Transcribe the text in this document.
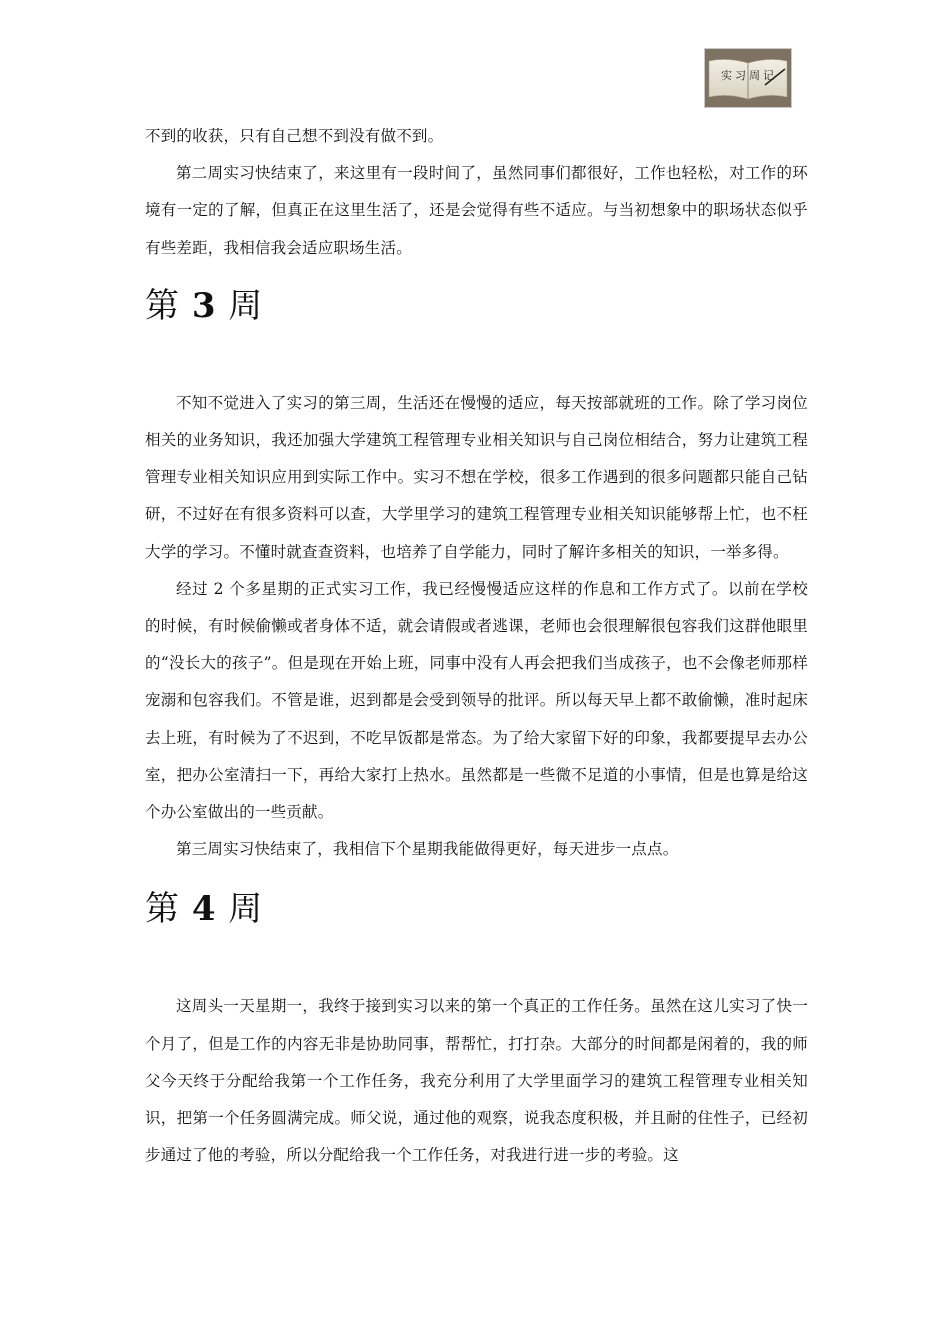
实习周记

不到的收获，只有自己想不到没有做不到。

第二周实习快结束了，来这里有一段时间了，虽然同事们都很好，工作也轻松，对工作的环境有一定的了解，但真正在这里生活了，还是会觉得有些不适应。与当初想象中的职场状态似乎有些差距，我相信我会适应职场生活。

第 3 周

不知不觉进入了实习的第三周，生活还在慢慢的适应，每天按部就班的工作。除了学习岗位相关的业务知识，我还加强大学建筑工程管理专业相关知识与自己岗位相结合，努力让建筑工程管理专业相关知识应用到实际工作中。实习不想在学校，很多工作遇到的很多问题都只能自己钻研，不过好在有很多资料可以查，大学里学习的建筑工程管理专业相关知识能够帮上忙，也不枉大学的学习。不懂时就查查资料，也培养了自学能力，同时了解许多相关的知识，一举多得。

经过 2 个多星期的正式实习工作，我已经慢慢适应这样的作息和工作方式了。以前在学校的时候，有时候偷懒或者身体不适，就会请假或者逃课，老师也会很理解很包容我们这群他眼里的“没长大的孩子”。但是现在开始上班，同事中没有人再会把我们当成孩子，也不会像老师那样宠溺和包容我们。不管是谁，迟到都是会受到领导的批评。所以每天早上都不敢偷懒，准时起床去上班，有时候为了不迟到，不吃早饭都是常态。为了给大家留下好的印象，我都要提早去办公室，把办公室清扫一下，再给大家打上热水。虽然都是一些微不足道的小事情，但是也算是给这个办公室做出的一些贡献。

第三周实习快结束了，我相信下个星期我能做得更好，每天进步一点点。

第 4 周

这周头一天星期一，我终于接到实习以来的第一个真正的工作任务。虽然在这儿实习了快一个月了，但是工作的内容无非是协助同事，帮帮忙，打打杂。大部分的时间都是闲着的，我的师父今天终于分配给我第一个工作任务，我充分利用了大学里面学习的建筑工程管理专业相关知识，把第一个任务圆满完成。师父说，通过他的观察，说我态度积极，并且耐的住性子，已经初步通过了他的考验，所以分配给我一个工作任务，对我进行进一步的考验。这
